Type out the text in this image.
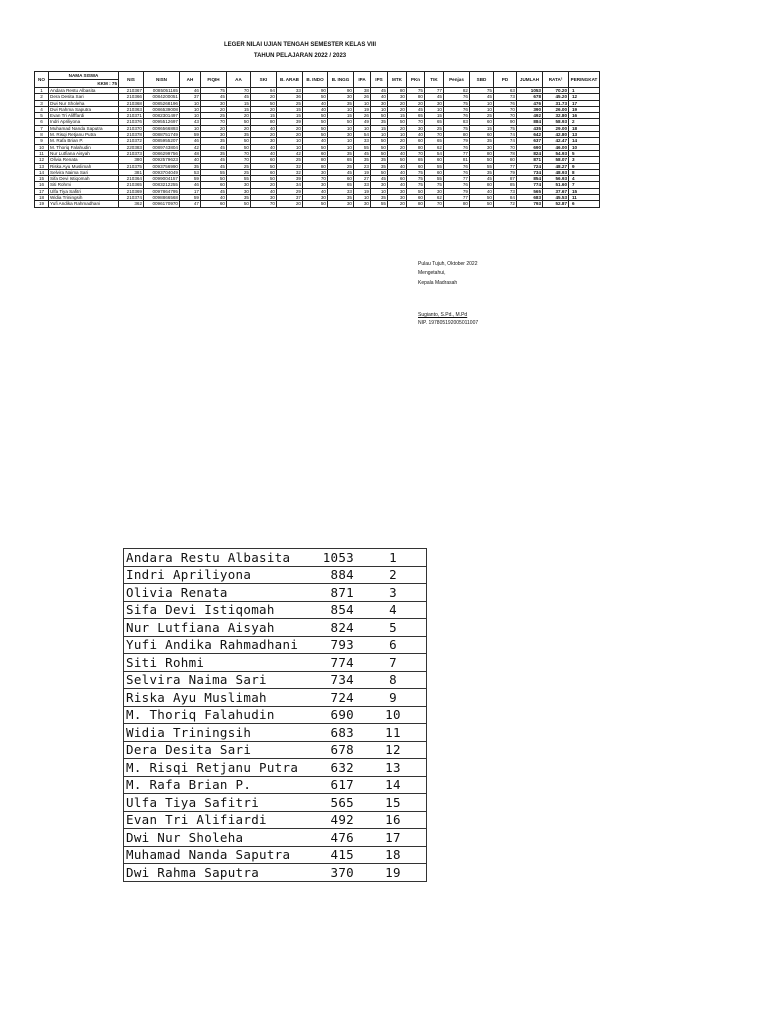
LEGER NILAI UJIAN TENGAH SEMESTER KELAS VIII
TAHUN PELAJARAN 2022 / 2023
NO	NAMA SISWA	NIS	NISN	AH	FIQIH	AA	SKI	B. ARAB	B. INDO	B. INGG	IPA	IPS	MTK	PKn	TIK	Penjas	SBD	PD	JUMLAH	RATA²	PERINGKAT
	KKM : 75																				
1	Andara Restu Albasita	210367	0085051165	46	75	70	94	33	90	90	38	45	80	75	77	82	75	63	1053	70.20	1
2	Dera Desita Sari	210366	0084200051	37	45	45	20	36	50	30	26	40	30	80	45	76	45	73	678	45.20	12
3	Dwi Nur Sholeha	210368	0085268196	10	30	15	50	25	40	35	10	30	20	20	30	75	10	76	476	31.73	17
4	Dwi Rahma Saputra	210363	0086539008	10	20	15	20	15	40	10	19	10	20	45	10	76	10	70	390	26.00	19
5	Evan Tri Alifffardi	210371	0082301497	10	25	20	15	15	50	15	26	50	15	65	15	76	25	70	492	32.80	16
6	Indri Apriliyona	210376	0095512697	43	70	50	80	39	50	50	49	35	50	70	65	83	60	90	884	58.93	2
7	Muhamad Nanda Saputra	210370	0086566893	10	20	20	40	20	50	10	10	15	20	30	25	75	15	75	435	29.00	18
8	M. Risqi Retjanu Putra	210378	0088751749	59	30	35	20	20	50	30	54	10	10	40	70	80	60	74	642	42.80	13
9	M. Rafa Brian P.	210372	0085955207	46	35	50	30	10	40	10	33	50	20	60	65	79	35	74	637	42.47	14
10	M. Thoriq Falahudin	220383	0089743804	42	45	50	40	10	50	10	55	50	20	80	62	76	30	70	690	46.00	10
11	Nur Lutfiana Aisyah	210373	0086299756	48	35	70	40	42	60	35	45	50	40	70	54	77	80	78	824	54.93	5
12	Olivia Renata	380	0092579623	40	45	70	60	25	80	65	35	35	50	65	60	81	50	80	871	58.07	3
13	Riska Ayu Muslimah	210375	0093756990	35	45	25	50	32	80	25	23	35	40	60	55	76	55	77	724	48.27	9
14	Selvira Naima Sari	381	0093704049	53	55	25	60	32	30	45	19	50	40	75	60	76	35	79	734	48.93	8
15	Sifa Devi Istiqomah	210364	0099004157	59	50	55	50	39	70	60	27	45	60	75	55	77	45	87	854	56.93	4
16	Siti Rohmi	210365	0083212255	46	60	30	20	34	30	65	33	30	40	75	75	76	80	85	774	51.60	7
17	Ulfa Tiya Safitri	210369	0097864795	17	45	30	40	29	40	33	19	10	30	50	30	79	40	73	565	37.67	15
18	Widia Triningsih	210374	0098866568	59	40	35	30	37	30	35	10	35	30	60	62	77	50	84	683	45.53	11
19	Yufi Andika Rahmadhani	362	0096170970	47	60	50	70	20	50	30	30	55	20	80	70	80	50	72	793	52.87	6
Pulau Tujuh, Oktober 2022
Mengetahui,
Kepala Madrasah
Sugianto, S.Pd., M.Pd
NIP. 197805192005011007
Andara Restu Albasita	1053	1
Indri Apriliyona	884	2
Olivia Renata	871	3
Sifa Devi Istiqomah	854	4
Nur Lutfiana Aisyah	824	5
Yufi Andika Rahmadhani	793	6
Siti Rohmi	774	7
Selvira Naima Sari	734	8
Riska Ayu Muslimah	724	9
M. Thoriq Falahudin	690	10
Widia Triningsih	683	11
Dera Desita Sari	678	12
M. Risqi Retjanu Putra	632	13
M. Rafa Brian P.	617	14
Ulfa Tiya Safitri	565	15
Evan Tri Alifiardi	492	16
Dwi Nur Sholeha	476	17
Muhamad Nanda Saputra	415	18
Dwi Rahma Saputra	370	19
